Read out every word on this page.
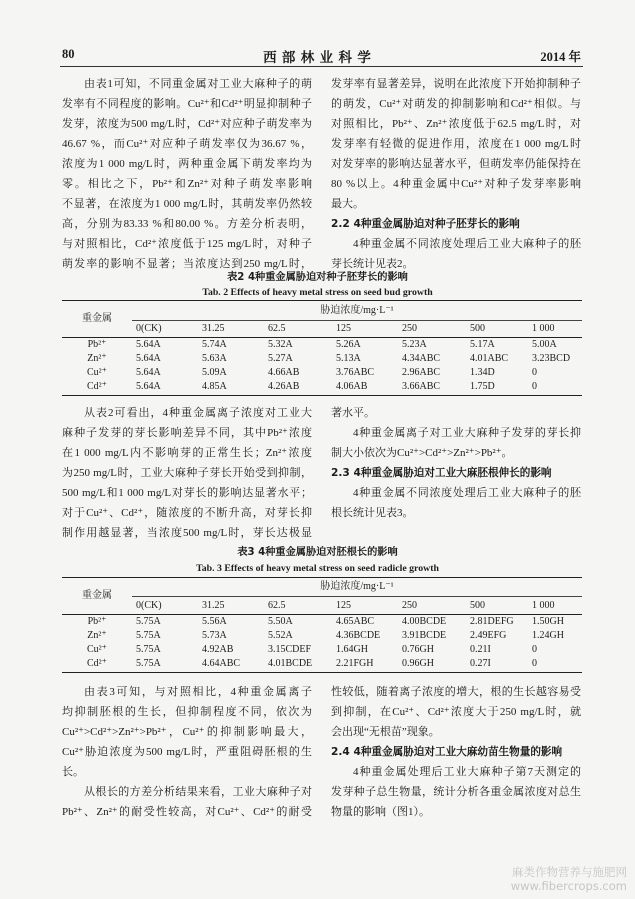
80	西 部 林 业 科 学	2014 年
由表1可知，不同重金属对工业大麻种子的萌
发率有不同程度的影响。Cu²⁺和Cd²⁺明显抑制种子
发芽，浓度为500 mg/L时，Cd²⁺对应种子萌发率为
46.67 %，而Cu²⁺对应种子萌发率仅为36.67 %，
浓度为1 000 mg/L时，两种重金属下萌发率均为
零。相比之下，Pb²⁺和Zn²⁺对种子萌发率影响
不显著，在浓度为1 000 mg/L时，其萌发率仍然较
高，分别为83.33 %和80.00 %。方差分析表明，
与对照相比，Cd²⁺浓度低于125 mg/L时，对种子
萌发率的影响不显著；当浓度达到250 mg/L时，
发芽率有显著差异，说明在此浓度下开始抑制种子
的萌发，Cu²⁺对萌发的抑制影响和Cd²⁺相似。与
对照相比，Pb²⁺、Zn²⁺浓度低于62.5 mg/L时，对
发芽率有轻微的促进作用，浓度在1 000 mg/L时
对发芽率的影响达显著水平，但萌发率仍能保持在
80 %以上。4种重金属中Cu²⁺对种子发芽率影响
最大。
2.2 4种重金属胁迫对种子胚芽长的影响
4种重金属不同浓度处理后工业大麻种子的胚
芽长统计见表2。
表2 4种重金属胁迫对种子胚芽长的影响
Tab. 2 Effects of heavy metal stress on seed bud growth
重金属	胁迫浓度/mg·L⁻¹						
	0(CK)	31.25	62.5	125	250	500	1 000
Pb²⁺	5.64A	5.74A	5.32A	5.26A	5.23A	5.17A	5.00A
Zn²⁺	5.64A	5.63A	5.27A	5.13A	4.34ABC	4.01ABC	3.23BCD
Cu²⁺	5.64A	5.09A	4.66AB	3.76ABC	2.96ABC	1.34D	0
Cd²⁺	5.64A	4.85A	4.26AB	4.06AB	3.66ABC	1.75D	0
从表2可看出，4种重金属离子浓度对工业大
麻种子发芽的芽长影响差异不同，其中Pb²⁺浓度
在1 000 mg/L内不影响芽的正常生长；Zn²⁺浓度
为250 mg/L时，工业大麻种子芽长开始受到抑制，
500 mg/L和1 000 mg/L对芽长的影响达显著水平；
对于Cu²⁺、Cd²⁺，随浓度的不断升高，对芽长抑
制作用越显著，当浓度500 mg/L时，芽长达极显
著水平。
4种重金属离子对工业大麻种子发芽的芽长抑
制大小依次为Cu²⁺>Cd²⁺>Zn²⁺>Pb²⁺。
2.3 4种重金属胁迫对工业大麻胚根伸长的影响
4种重金属不同浓度处理后工业大麻种子的胚
根长统计见表3。
表3 4种重金属胁迫对胚根长的影响
Tab. 3 Effects of heavy metal stress on seed radicle growth
重金属	胁迫浓度/mg·L⁻¹						
	0(CK)	31.25	62.5	125	250	500	1 000
Pb²⁺	5.75A	5.56A	5.50A	4.65ABC	4.00BCDE	2.81DEFG	1.50GH
Zn²⁺	5.75A	5.73A	5.52A	4.36BCDE	3.91BCDE	2.49EFG	1.24GH
Cu²⁺	5.75A	4.92AB	3.15CDEF	1.64GH	0.76GH	0.21I	0
Cd²⁺	5.75A	4.64ABC	4.01BCDE	2.21FGH	0.96GH	0.27I	0
由表3可知，与对照相比，4种重金属离子
均抑制胚根的生长，但抑制程度不同，依次为
Cu²⁺>Cd²⁺>Zn²⁺>Pb²⁺，Cu²⁺的抑制影响最大，
Cu²⁺胁迫浓度为500 mg/L时，严重阻碍胚根的生
长。
从根长的方差分析结果来看，工业大麻种子对
Pb²⁺、Zn²⁺的耐受性较高，对Cu²⁺、Cd²⁺的耐受
性较低，随着离子浓度的增大，根的生长越容易受
到抑制，在Cu²⁺、Cd²⁺浓度大于250 mg/L时，就
会出现“无根苗”现象。
2.4 4种重金属胁迫对工业大麻幼苗生物量的影响
4种重金属处理后工业大麻种子第7天测定的
发芽种子总生物量，统计分析各重金属浓度对总生
物量的影响（图1）。
麻类作物营养与施肥网
www.fibercrops.com
